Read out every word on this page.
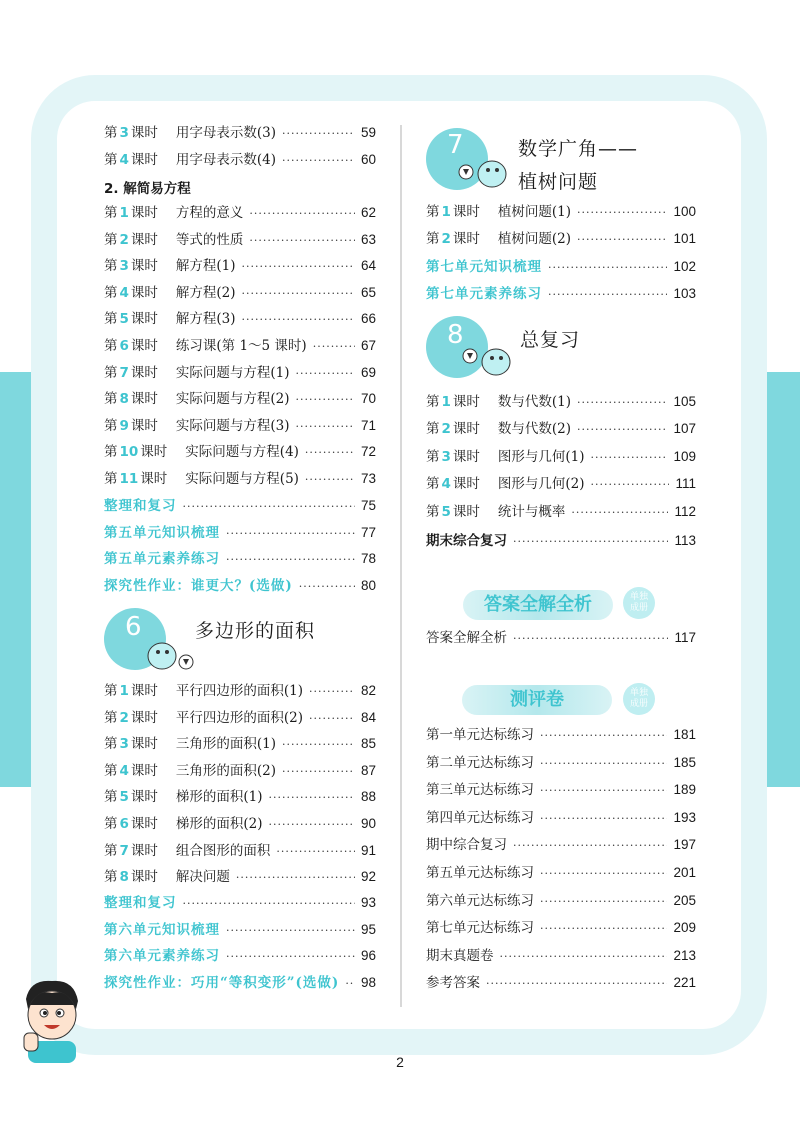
第 3 课时 用字母表示数(3) ·····	59
第 4 课时 用字母表示数(4) ·····	60
2. 解简易方程
第 1 课时 方程的意义 ·····	62
第 2 课时 等式的性质 ·····	63
第 3 课时 解方程(1) ·····	64
第 4 课时 解方程(2) ·····	65
第 5 课时 解方程(3) ·····	66
第 6 课时 练习课(第 1～5 课时) ·····	67
第 7 课时 实际问题与方程(1) ·····	69
第 8 课时 实际问题与方程(2) ·····	70
第 9 课时 实际问题与方程(3) ·····	71
第 10 课时 实际问题与方程(4) ·····	72
第 11 课时 实际问题与方程(5) ·····	73
整理和复习 ·····	75
第五单元知识梳理 ·····	77
第五单元素养练习 ·····	78
探究性作业：谁更大？(选做) ·····	80
第 1 课时 平行四边形的面积(1) ·····	82
第 2 课时 平行四边形的面积(2) ·····	84
第 3 课时 三角形的面积(1) ·····	85
第 4 课时 三角形的面积(2) ·····	87
第 5 课时 梯形的面积(1) ·····	88
第 6 课时 梯形的面积(2) ·····	90
第 7 课时 组合图形的面积 ·····	91
第 8 课时 解决问题 ·····	92
整理和复习 ·····	93
第六单元知识梳理 ·····	95
第六单元素养练习 ·····	96
探究性作业：巧用“等积变形”(选做) ····· 98
第 1 课时 植树问题(1) ·····	100
第 2 课时 植树问题(2) ·····	101
第七单元知识梳理 ·····	102
第七单元素养练习 ·····	103
第 1 课时 数与代数(1) ·····	105
第 2 课时 数与代数(2) ·····	107
第 3 课时 图形与几何(1) ·····	109
第 4 课时 图形与几何(2) ·····	111
第 5 课时 统计与概率 ·····	112
期末综合复习 ·····	113
答案全解全析 ·····	117
第一单元达标练习 ·····	181
第二单元达标练习 ·····	185
第三单元达标练习 ·····	189
第四单元达标练习 ·····	193
期中综合复习 ·····	197
第五单元达标练习 ·····	201
第六单元达标练习 ·····	205
第七单元达标练习 ·····	209
期末真题卷 ·····	213
参考答案 ·····	221
6	多边形的面积
7	数学广角——
植树问题
8	总复习
答案全解全析	单独
成册
测评卷	单独
成册
2
